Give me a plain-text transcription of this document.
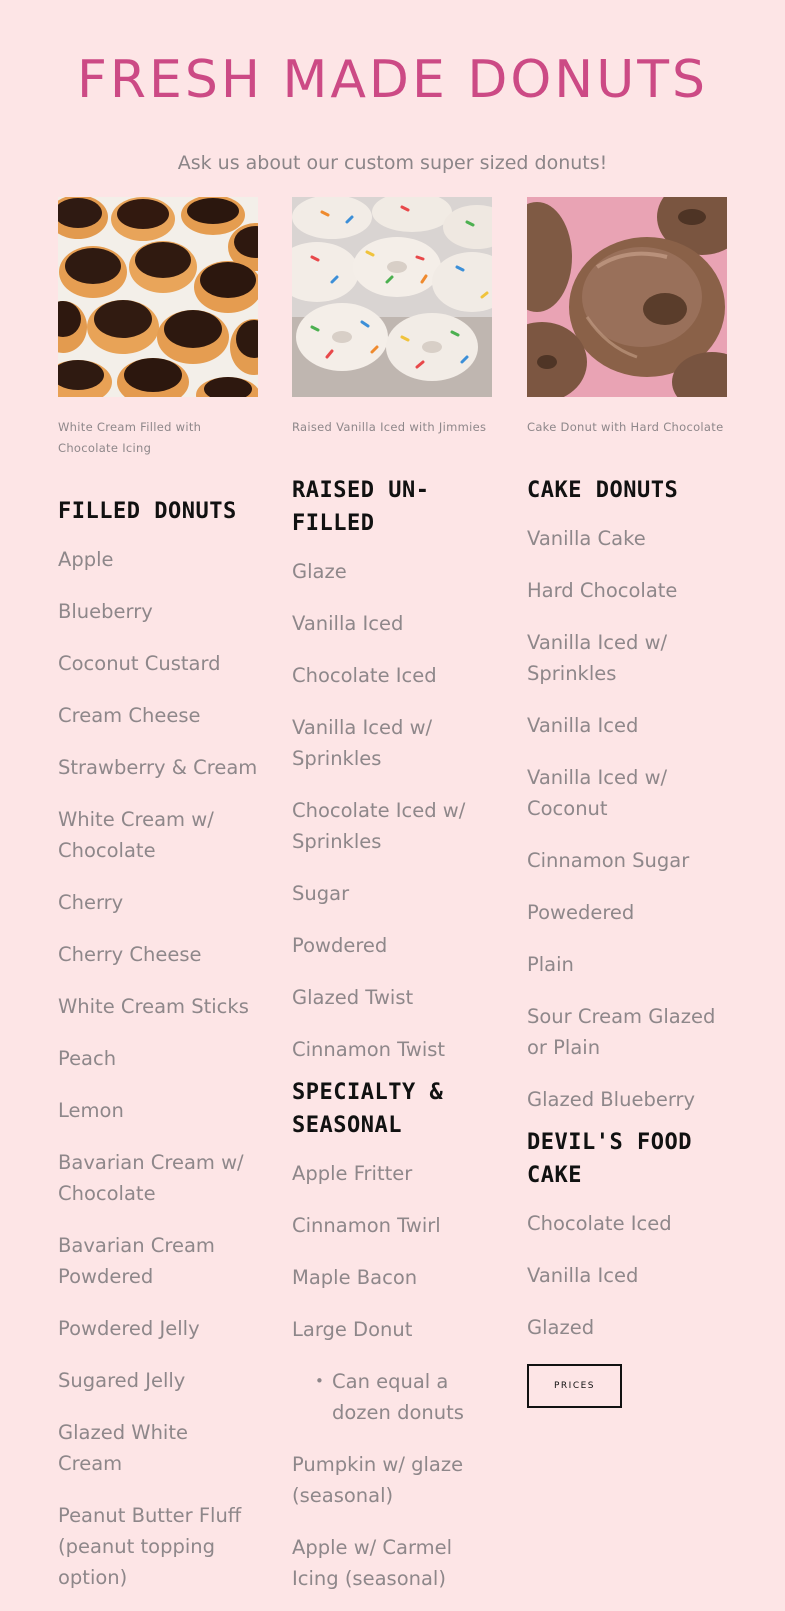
FRESH MADE DONUTS

Ask us about our custom super sized donuts!

White Cream Filled with Chocolate Icing

FILLED DONUTS
Apple
Blueberry
Coconut Custard
Cream Cheese
Strawberry & Cream
White Cream w/ Chocolate
Cherry
Cherry Cheese
White Cream Sticks
Peach
Lemon
Bavarian Cream w/ Chocolate
Bavarian Cream Powdered
Powdered Jelly
Sugared Jelly
Glazed White Cream
Peanut Butter Fluff (peanut topping option)

Raised Vanilla Iced with Jimmies

RAISED UN-FILLED
Glaze
Vanilla Iced
Chocolate Iced
Vanilla Iced w/ Sprinkles
Chocolate Iced w/ Sprinkles
Sugar
Powdered
Glazed Twist
Cinnamon Twist
SPECIALTY & SEASONAL
Apple Fritter
Cinnamon Twirl
Maple Bacon
Large Donut
• Can equal a dozen donuts
Pumpkin w/ glaze (seasonal)
Apple w/ Carmel Icing (seasonal)

Cake Donut with Hard Chocolate

CAKE DONUTS
Vanilla Cake
Hard Chocolate
Vanilla Iced w/ Sprinkles
Vanilla Iced
Vanilla Iced w/ Coconut
Cinnamon Sugar
Powedered
Plain
Sour Cream Glazed or Plain
Glazed Blueberry
DEVIL'S FOOD CAKE
Chocolate Iced
Vanilla Iced
Glazed
PRICES
